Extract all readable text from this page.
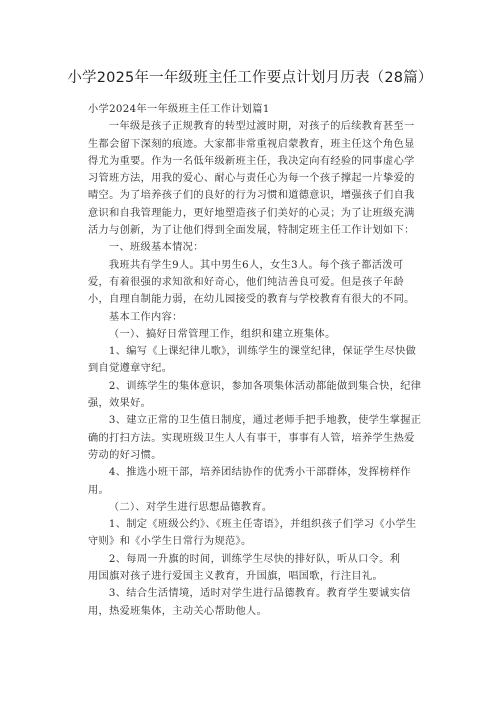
小学2025年一年级班主任工作要点计划月历表（28篇）

小学2024年一年级班主任工作计划篇1

一年级是孩子正规教育的转型过渡时期，对孩子的后续教育甚至一生都会留下深刻的痕迹。大家都非常重视启蒙教育，班主任这个角色显得尤为重要。作为一名低年级新班主任，我决定向有经验的同事虚心学习管班方法，用我的爱心、耐心与责任心为每一个孩子撑起一片挚爱的晴空。为了培养孩子们的良好的行为习惯和道德意识，增强孩子们自我意识和自我管理能力，更好地塑造孩子们美好的心灵；为了让班级充满活力与创新，为了让他们得到全面发展，特制定班主任工作计划如下：

一、班级基本情况：

我班共有学生9人。其中男生6人，女生3人。每个孩子都活泼可爱，有着很强的求知欲和好奇心，他们纯洁善良可爱。但是孩子年龄小，自理自制能力弱，在幼儿园接受的教育与学校教育有很大的不同。

基本工作内容：

（一）、搞好日常管理工作，组织和建立班集体。

1、编写《上课纪律儿歌》，训练学生的课堂纪律，保证学生尽快做到自觉遵章守纪。

2、训练学生的集体意识，参加各项集体活动都能做到集合快，纪律强，效果好。

3、建立正常的卫生值日制度，通过老师手把手地教，使学生掌握正确的打扫方法。实现班级卫生人人有事干，事事有人管，培养学生热爱劳动的好习惯。

4、推选小班干部，培养团结协作的优秀小干部群体，发挥榜样作用。

（二）、对学生进行思想品德教育。

1、制定《班级公约》、《班主任寄语》，并组织孩子们学习《小学生守则》和《小学生日常行为规范》。

2、每周一升旗的时间，训练学生尽快的排好队，听从口令。利

用国旗对孩子进行爱国主义教育，升国旗，唱国歌，行注目礼。

3、结合生活情境，适时对学生进行品德教育。教育学生要诚实信用，热爱班集体，主动关心帮助他人。
